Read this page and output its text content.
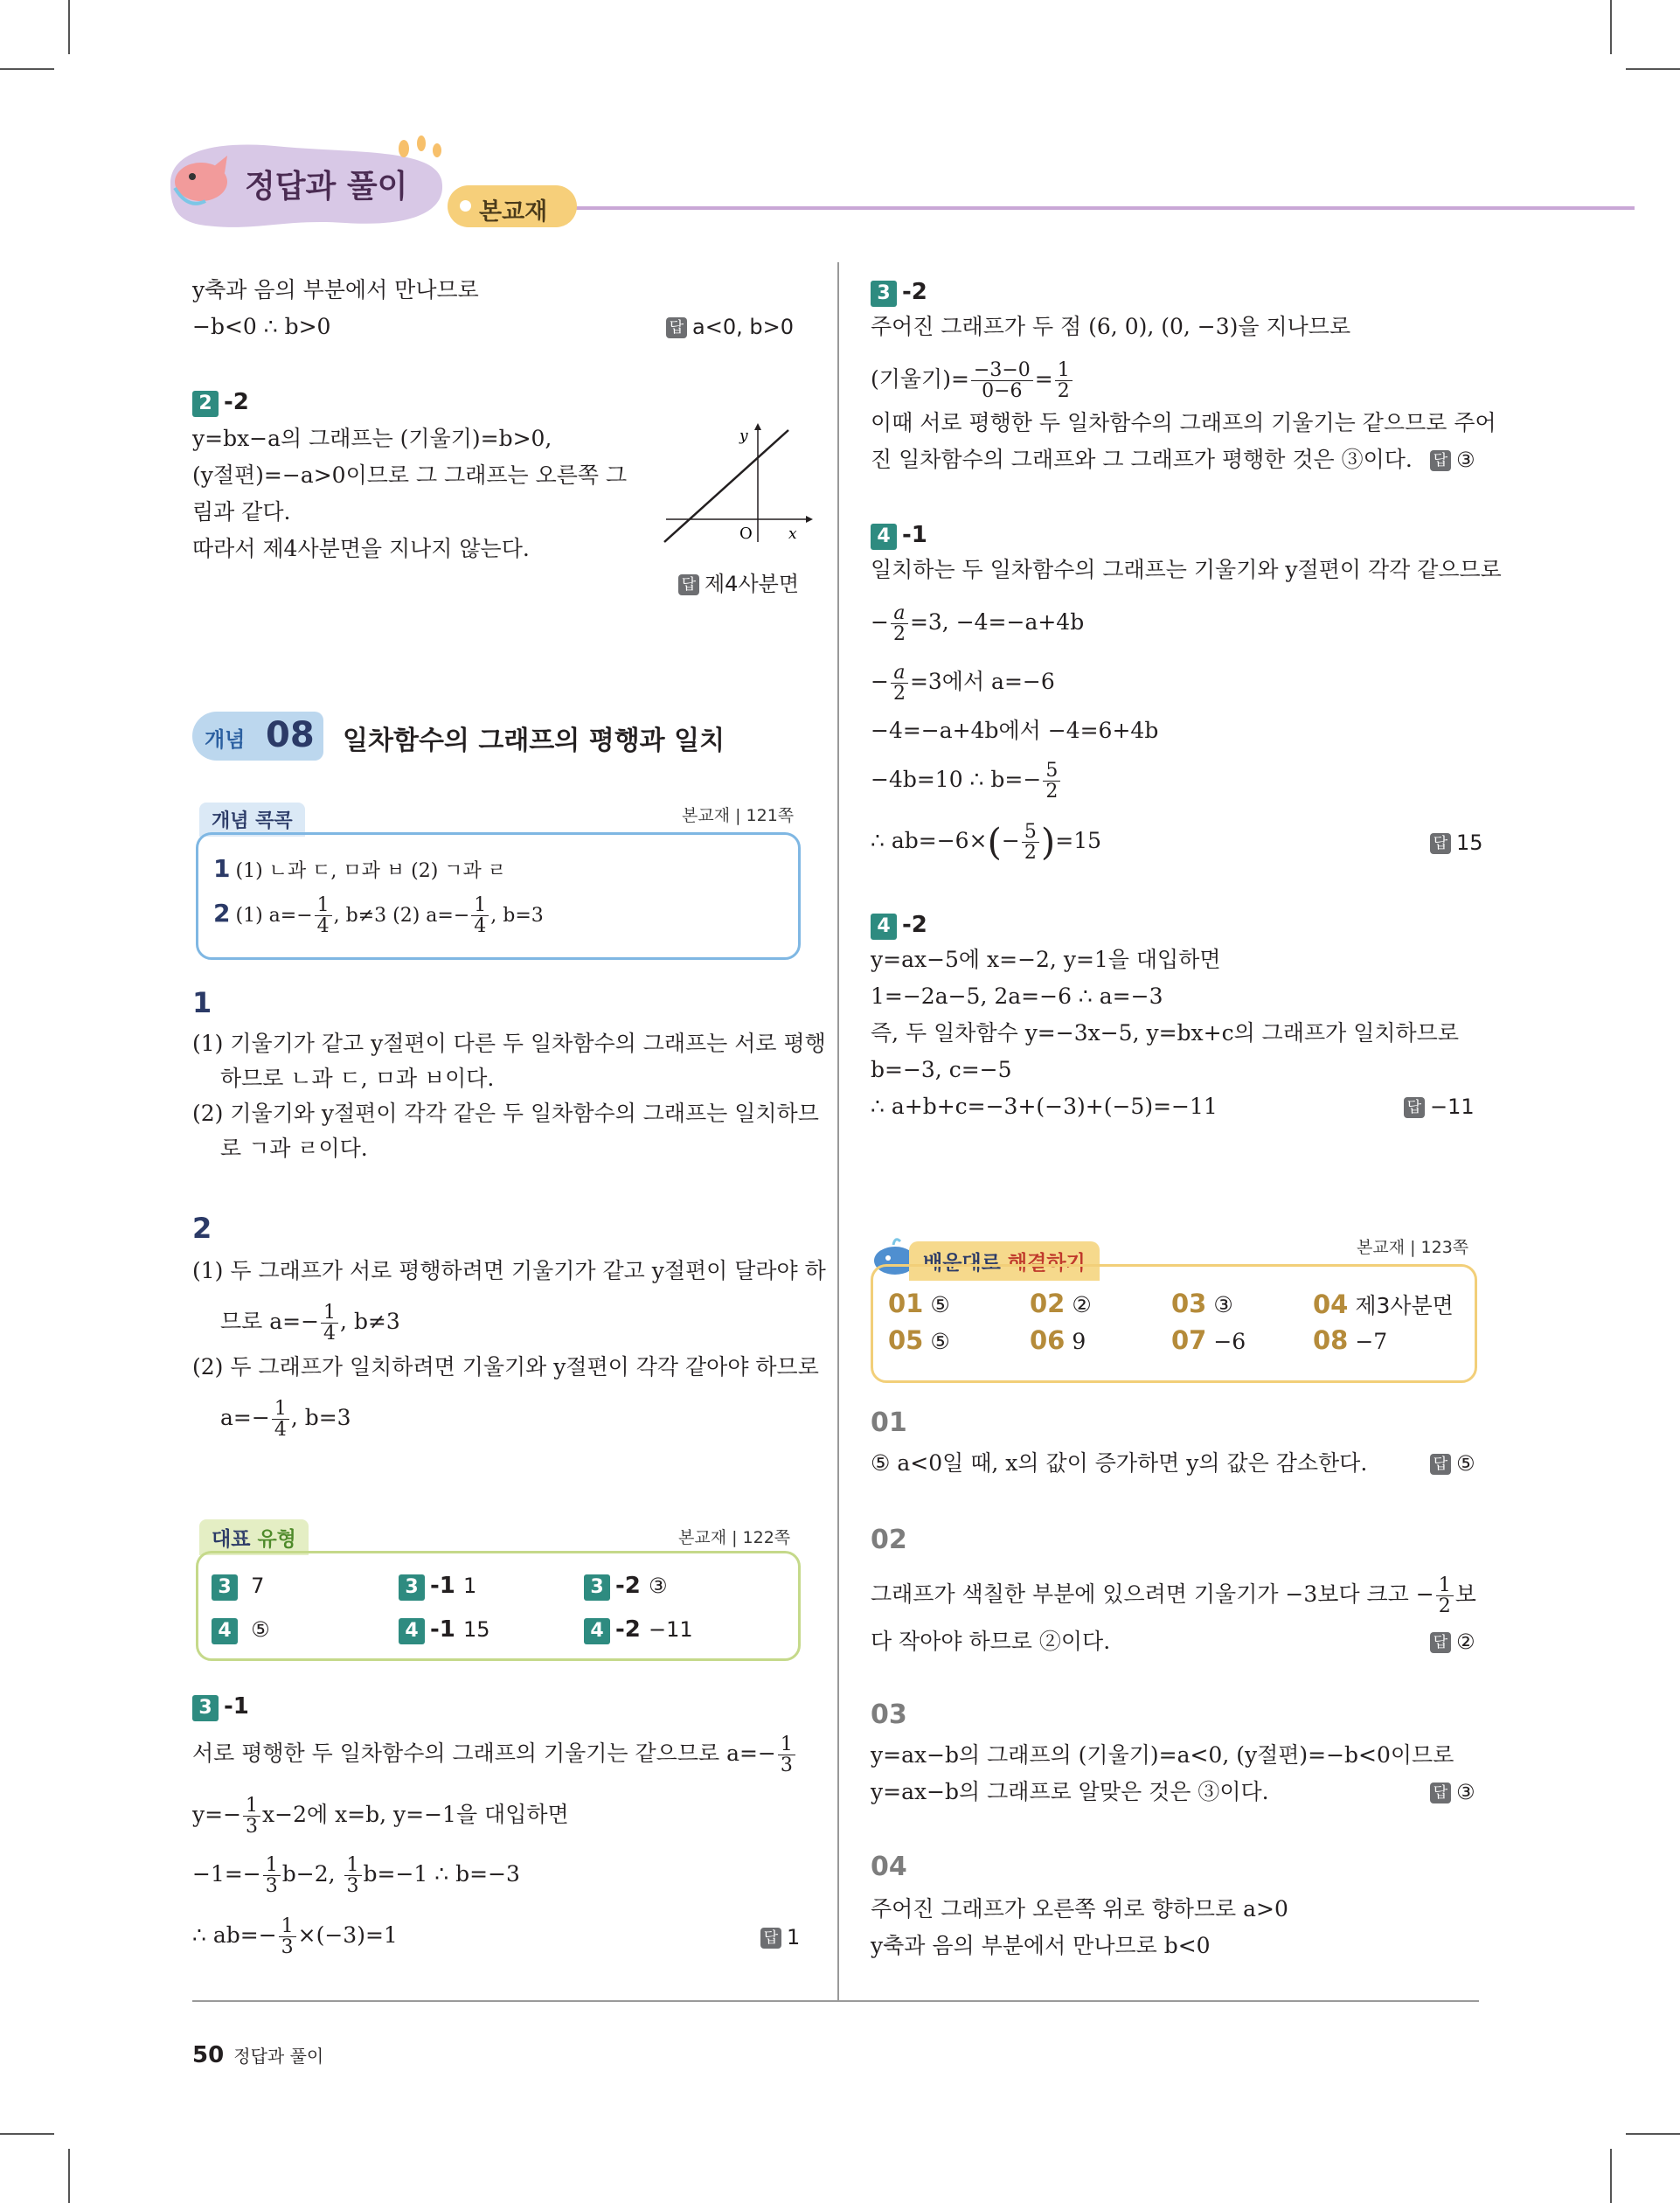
정답과 풀이
본교재
y축과 음의 부분에서 만나므로
−b<0 ∴ b>0	답 a<0, b>0
2 -2
y=bx−a의 그래프는 (기울기)=b>0,
(y절편)=−a>0이므로 그 그래프는 오른쪽 그
림과 같다.
따라서 제4사분면을 지나지 않는다.
y
O x
답 제4사분면
개념 08 일차함수의 그래프의 평행과 일치
개념 콕콕	본교재 | 121쪽
1 (1) ㄴ과 ㄷ, ㅁ과 ㅂ (2) ㄱ과 ㄹ
2 (1) $a=- \frac{1}{4}$ , b≠3 (2) $a=- \frac{1}{4}$ , b=3
1
(1) 기울기가 같고 y절편이 다른 두 일차함수의 그래프는 서로 평행
하므로 ㄴ과 ㄷ, ㅁ과 ㅂ이다.
(2) 기울기와 y절편이 각각 같은 두 일차함수의 그래프는 일치하므
로 ㄱ과 ㄹ이다.
2
(1) 두 그래프가 서로 평행하려면 기울기가 같고 y절편이 달라야 하
므로 $a=- \frac{1}{4}$ , b≠3
(2) 두 그래프가 일치하려면 기울기와 y절편이 각각 같아야 하므로
$a=- \frac{1}{4}$ , b=3
대표 유형	본교재 | 122쪽
3 7	3 -1 1	3 -2 ③
4 ⑤	4 -1 15	4 -2 −11
3 -1
서로 평행한 두 일차함수의 그래프의 기울기는 같으므로 $a=- \frac{1}{3}$
$y=- \frac{1}{3} x-2$에 x=b, y=−1을 대입하면
$-1=- \frac{1}{3} b-2$, $\frac{1}{3} b=-1$ ∴ b=−3
∴ $ab=- \frac{1}{3} \times(-3)=1$	답 1
3 -2
주어진 그래프가 두 점 (6, 0), (0, −3)을 지나므로
(기울기)= $\frac{-3-0}{0-6} = \frac{1}{2}$
이때 서로 평행한 두 일차함수의 그래프의 기울기는 같으므로 주어
진 일차함수의 그래프와 그 그래프가 평행한 것은 ③이다. 답 ③
4 -1
일치하는 두 일차함수의 그래프는 기울기와 y절편이 각각 같으므로
− $\frac{a}{2} =3$, −4=−a+4b
− $\frac{a}{2} =3$에서 a=−6
−4=−a+4b에서 −4=6+4b
−4b=10 ∴ $b=- \frac{5}{2}$
∴ $ab=-6\times(- \frac{5}{2} )=15$	답 15
4 -2
y=ax−5에 x=−2, y=1을 대입하면
1=−2a−5, 2a=−6 ∴ a=−3
즉, 두 일차함수 y=−3x−5, y=bx+c의 그래프가 일치하므로
b=−3, c=−5
∴ a+b+c=−3+(−3)+(−5)=−11	답 −11
배운대로 해결하기
본교재 | 123쪽
01 ⑤	02 ②	03 ③	04 제3사분면
05 ⑤	06 9	07 −6	08 −7
01
⑤ a<0일 때, x의 값이 증가하면 y의 값은 감소한다.	답 ⑤
02
그래프가 색칠한 부분에 있으려면 기울기가 −3보다 크고 − $\frac{1}{2}$ 보
다 작아야 하므로 ②이다.	답 ②
03
y=ax−b의 그래프의 (기울기)=a<0, (y절편)=−b<0이므로
y=ax−b의 그래프로 알맞은 것은 ③이다.	답 ③
04
주어진 그래프가 오른쪽 위로 향하므로 a>0
y축과 음의 부분에서 만나므로 b<0
50 정답과 풀이
